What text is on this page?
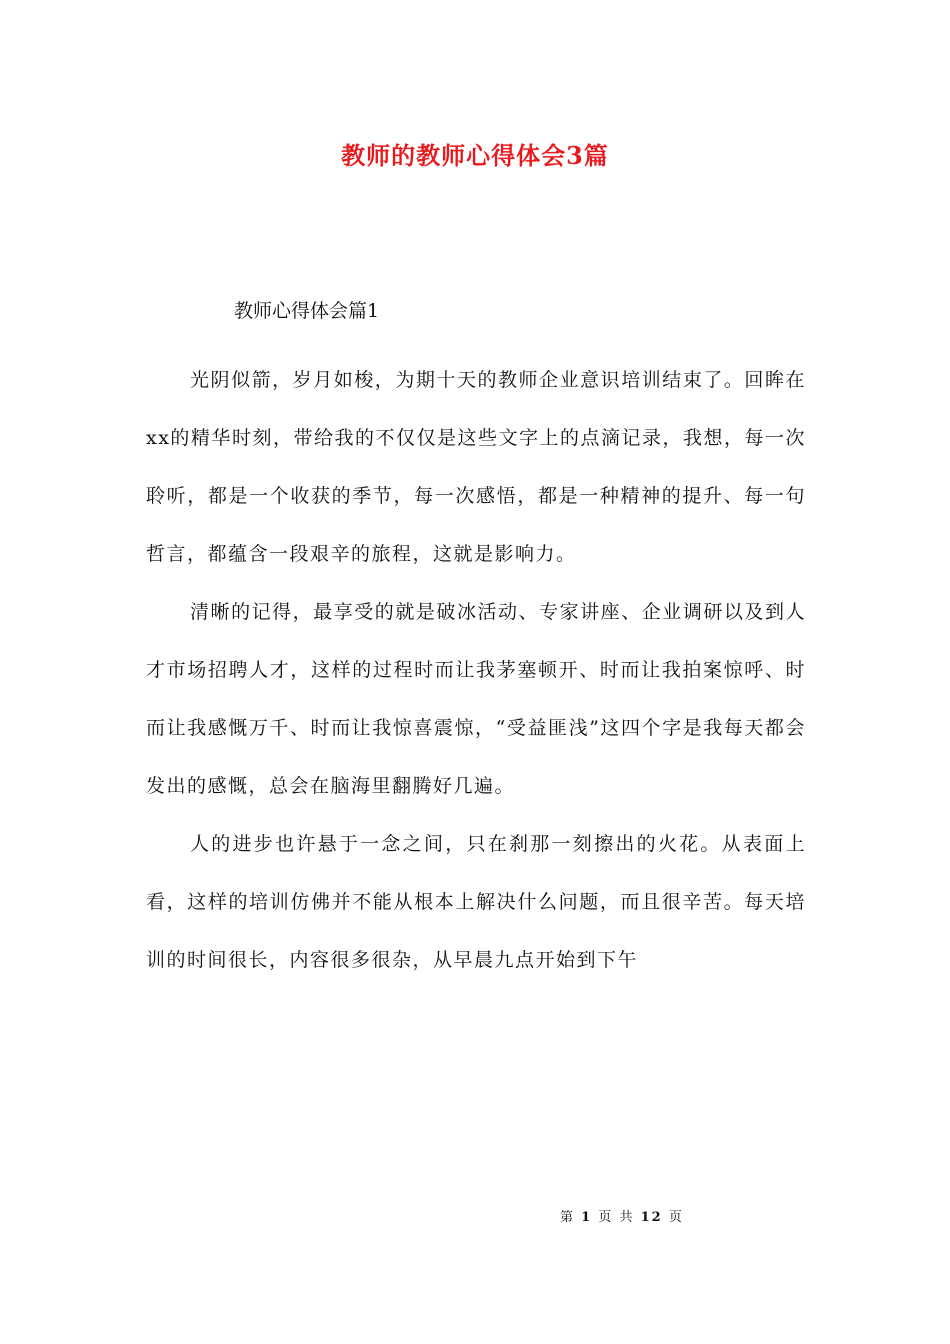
教师的教师心得体会3篇
教师心得体会篇1

光阴似箭，岁月如梭，为期十天的教师企业意识培训结束了。回眸在xx的精华时刻，带给我的不仅仅是这些文字上的点滴记录，我想，每一次聆听，都是一个收获的季节，每一次感悟，都是一种精神的提升、每一句哲言，都蕴含一段艰辛的旅程，这就是影响力。

清晰的记得，最享受的就是破冰活动、专家讲座、企业调研以及到人才市场招聘人才，这样的过程时而让我茅塞顿开、时而让我拍案惊呼、时而让我感慨万千、时而让我惊喜震惊，“受益匪浅”这四个字是我每天都会发出的感慨，总会在脑海里翻腾好几遍。

人的进步也许悬于一念之间，只在刹那一刻擦出的火花。从表面上看，这样的培训仿佛并不能从根本上解决什么问题，而且很辛苦。每天培训的时间很长，内容很多很杂，从早晨九点开始到下午

第 1 页 共 12 页
